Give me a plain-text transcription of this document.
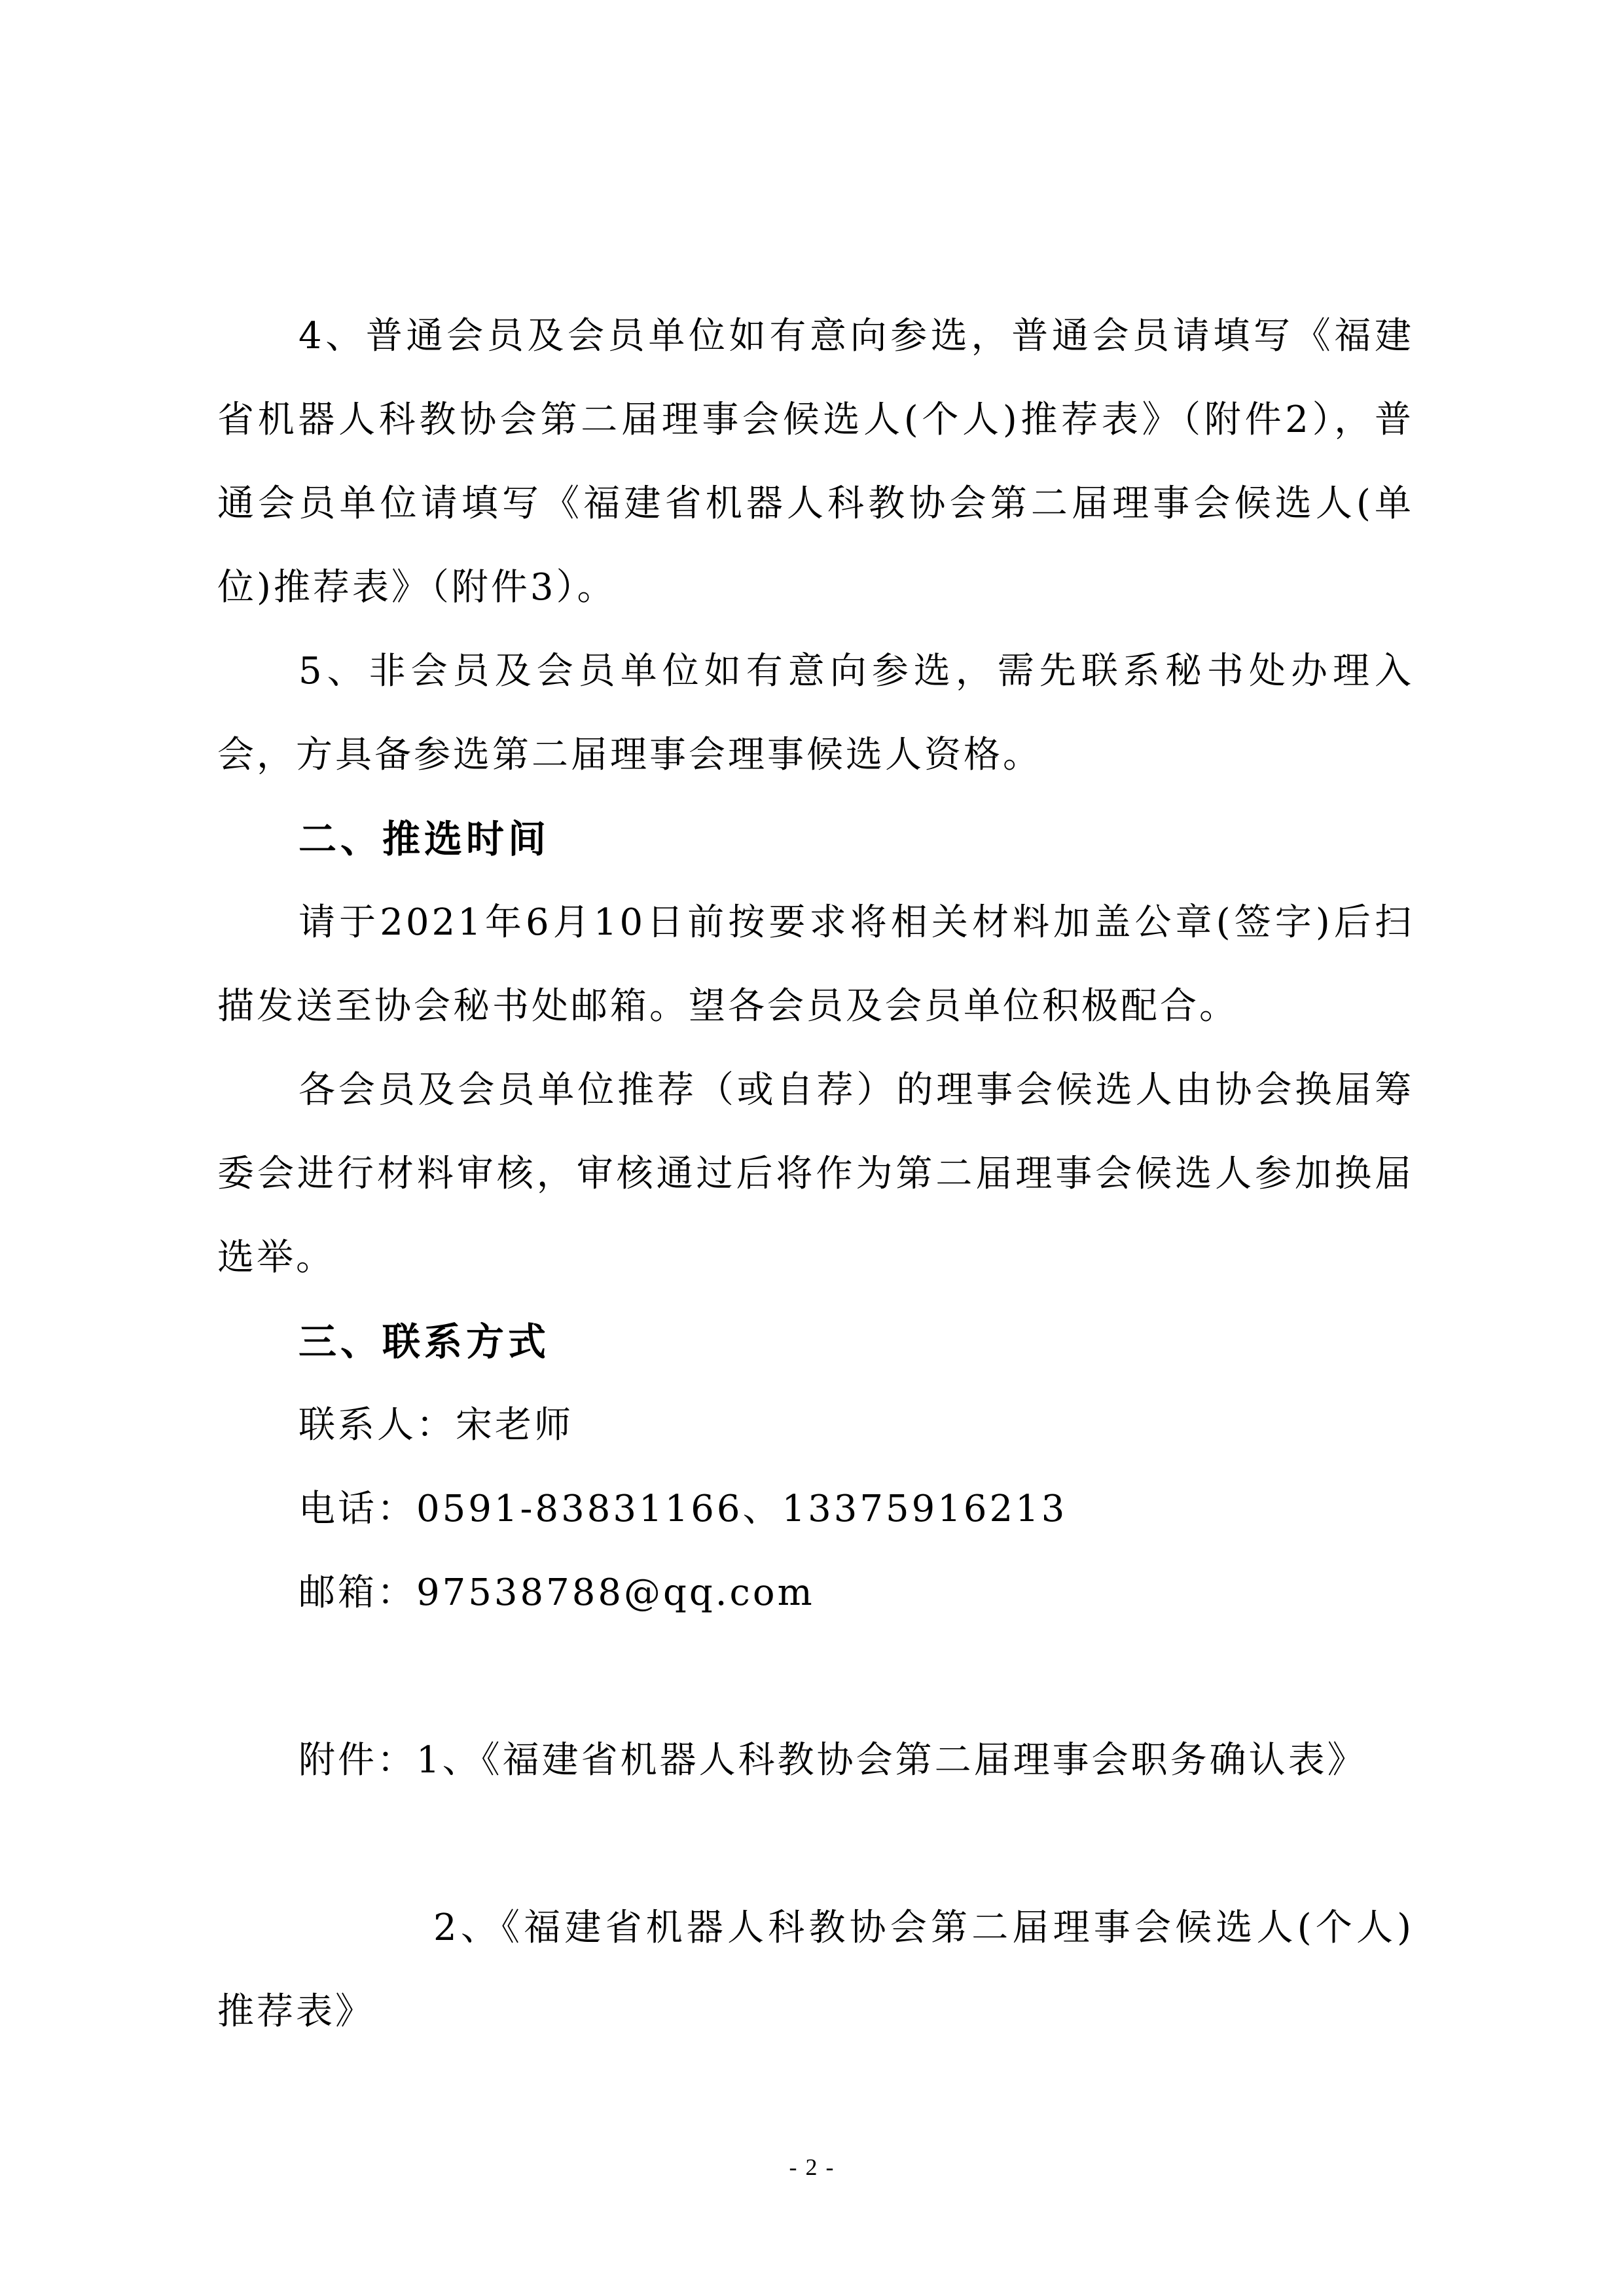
4、普通会员及会员单位如有意向参选，普通会员请填写《福建省机器人科教协会第二届理事会候选人(个人)推荐表》（附件2），普通会员单位请填写《福建省机器人科教协会第二届理事会候选人(单位)推荐表》（附件3）。

5、非会员及会员单位如有意向参选，需先联系秘书处办理入会，方具备参选第二届理事会理事候选人资格。

二、推选时间

请于2021年6月10日前按要求将相关材料加盖公章(签字)后扫描发送至协会秘书处邮箱。望各会员及会员单位积极配合。

各会员及会员单位推荐（或自荐）的理事会候选人由协会换届筹委会进行材料审核，审核通过后将作为第二届理事会候选人参加换届选举。

三、联系方式

联系人：宋老师

电话：0591-83831166、13375916213

邮箱：97538788@qq.com

附件：1、《福建省机器人科教协会第二届理事会职务确认表》

2、《福建省机器人科教协会第二届理事会候选人(个人)推荐表》

- 2 -
